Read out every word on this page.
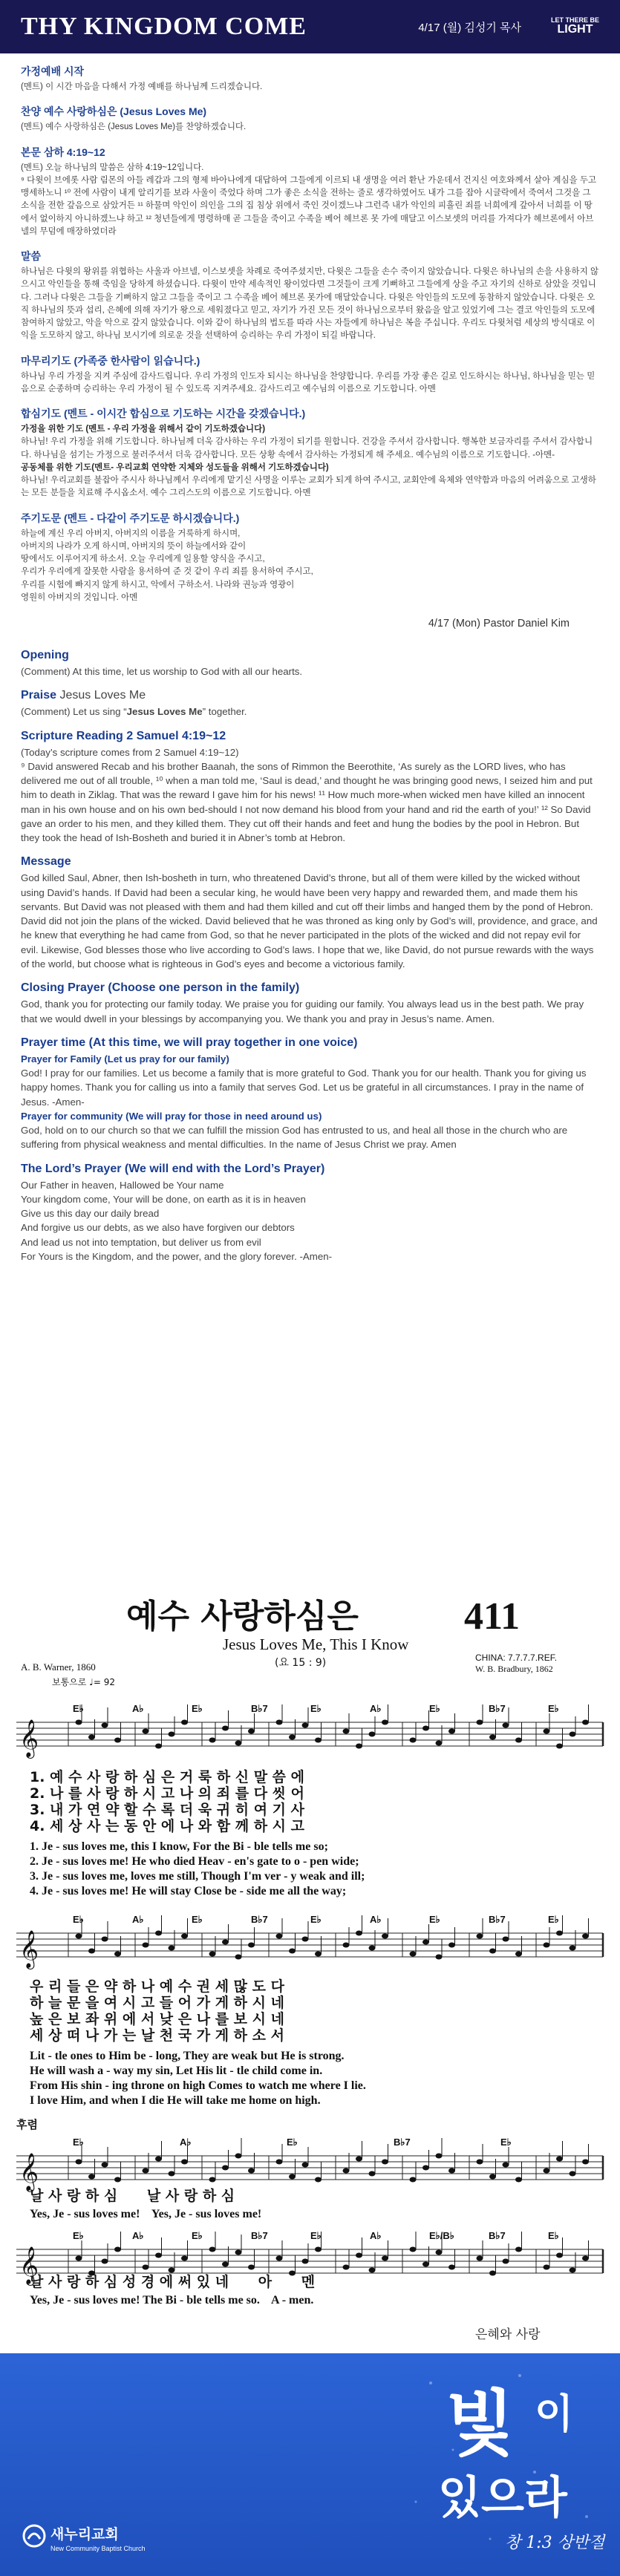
THY KINGDOM COME	4/17 (월) 김성기 목사
LET THERE BE
LIGHT

가정예배 시작

(멘트) 이 시간 마음을 다해서 가정 예배를 하나님께 드리겠습니다.

찬양 예수 사랑하심은 (Jesus Loves Me)

(멘트) 예수 사랑하심은 (Jesus Loves Me)를 찬양하겠습니다.

본문 삼하 4:19~12

(멘트) 오늘 하나님의 말씀은 삼하 4:19~12입니다.

⁹ 다윗이 브에롯 사람 림몬의 아들 레갑과 그의 형제 바아나에게 대답하여 그들에게 이르되 내 생명을 여러 환난 가운데서 건지신 여호와께서 살아 계심을 두고 맹세하노니 ¹⁰ 전에 사람이 내게 알리기를 보라 사울이 죽었다 하며 그가 좋은 소식을 전하는 줄로 생각하였어도 내가 그를 잡아 시글락에서 죽여서 그것을 그 소식을 전한 갚음으로 삼았거든 ¹¹ 하물며 악인이 의인을 그의 집 침상 위에서 죽인 것이겠느냐 그런즉 내가 악인의 피흘린 죄를 너희에게 갚아서 너희를 이 땅에서 없이하지 아니하겠느냐 하고 ¹² 청년들에게 명령하매 곧 그들을 죽이고 수족을 베어 헤브론 못 가에 매달고 이스보셋의 머리를 가져다가 헤브론에서 아브넬의 무덤에 매장하였더라

말씀

하나님은 다윗의 왕위를 위협하는 사울과 아브넬, 이스보셋을 차례로 죽여주셨지만, 다윗은 그들을 손수 죽이지 않았습니다. 다윗은 하나님의 손을 사용하지 않으시고 악인들을 통해 죽임을 당하게 하셨습니다. 다윗이 만약 세속적인 왕이었다면 그것들이 크게 기뻐하고 그들에게 상을 주고 자기의 신하로 삼았을 것입니다. 그러나 다윗은 그들을 기뻐하지 않고 그들을 죽이고 그 수족을 베어 헤브론 못가에 매달았습니다. 다윗은 악인들의 도모에 동참하지 않았습니다. 다윗은 오직 하나님의 뜻과 섭리, 은혜에 의해 자기가 왕으로 세워졌다고 믿고, 자기가 가진 모든 것이 하나님으로부터 왔음을 알고 있었기에 그는 결코 악인들의 도모에 참여하지 않았고, 악을 악으로 갚지 않았습니다. 이와 같이 하나님의 법도를 따라 사는 자들에게 하나님은 복을 주십니다. 우리도 다윗처럼 세상의 방식대로 이익을 도모하지 않고, 하나님 보시기에 의로운 것을 선택하여 승리하는 우리 가정이 되길 바랍니다.

마무리기도 (가족중 한사람이 읽습니다.)

하나님 우리 가정을 지켜 주심에 감사드립니다. 우리 가정의 인도자 되시는 하나님을 찬양합니다. 우리를 가장 좋은 길로 인도하시는 하나님, 하나님을 믿는 믿음으로 순종하며 승리하는 우리 가정이 될 수 있도록 지켜주세요. 감사드리고 예수님의 이름으로 기도합니다. 아멘

합심기도 (멘트 - 이시간 합심으로 기도하는 시간을 갖겠습니다.)

가정을 위한 기도 (멘트 - 우리 가정을 위해서 같이 기도하겠습니다)

하나님! 우리 가정을 위해 기도합니다. 하나님께 더욱 감사하는 우리 가정이 되기를 원합니다. 건강을 주셔서 감사합니다. 행복한 보금자리를 주셔서 감사합니다. 하나님을 섬기는 가정으로 불러주셔서 더욱 감사합니다. 모든 상황 속에서 감사하는 가정되게 해 주세요. 예수님의 이름으로 기도합니다. -아멘-

공동체를 위한 기도(멘트- 우리교회 연약한 지체와 성도들을 위해서 기도하겠습니다)

하나님! 우리교회를 불잡아 주시사 하나님께서 우리에게 맡기신 사명을 이루는 교회가 되게 하여 주시고, 교회안에 육체와 연약함과 마음의 어려움으로 고생하는 모든 분들을 치료해 주시옵소서. 예수 그리스도의 이름으로 기도합니다. 아멘

주기도문 (멘트 - 다같이 주기도문 하시겠습니다.)

하늘에 계신 우리 아버지, 아버지의 이름을 거룩하게 하시며,

아버지의 나라가 오게 하시며, 아버지의 뜻이 하늘에서와 같이

땅에서도 이루어지게 하소서. 오늘 우리에게 일용할 양식을 주시고,

우리가 우리에게 잘못한 사람을 용서하여 준 것 같이 우리 죄를 용서하여 주시고,

우리를 시험에 빠지지 않게 하시고, 악에서 구하소서. 나라와 권능과 영광이

영원히 아버지의 것입니다. 아멘

4/17 (Mon) Pastor Daniel Kim

Opening

(Comment) At this time, let us worship to God with all our hearts.

Praise Jesus Loves Me

(Comment) Let us sing “Jesus Loves Me” together.

Scripture Reading 2 Samuel 4:19~12

(Today’s scripture comes from 2 Samuel 4:19~12)

⁹ David answered Recab and his brother Baanah, the sons of Rimmon the Beerothite, ‘As surely as the LORD lives, who has delivered me out of all trouble, ¹⁰ when a man told me, ‘Saul is dead,’ and thought he was bringing good news, I seized him and put him to death in Ziklag. That was the reward I gave him for his news! ¹¹ How much more-when wicked men have killed an innocent man in his own house and on his own bed-should I not now demand his blood from your hand and rid the earth of you!’ ¹² So David gave an order to his men, and they killed them. They cut off their hands and feet and hung the bodies by the pool in Hebron. But they took the head of Ish-Bosheth and buried it in Abner’s tomb at Hebron.

Message

God killed Saul, Abner, then Ish-bosheth in turn, who threatened David’s throne, but all of them were killed by the wicked without using David’s hands. If David had been a secular king, he would have been very happy and rewarded them, and made them his servants. But David was not pleased with them and had them killed and cut off their limbs and hanged them by the pond of Hebron. David did not join the plans of the wicked. David believed that he was throned as king only by God’s will, providence, and grace, and he knew that everything he had came from God, so that he never participated in the plots of the wicked and did not repay evil for evil. Likewise, God blesses those who live according to God’s laws. I hope that we, like David, do not pursue rewards with the ways of the world, but choose what is righteous in God’s eyes and become a victorious family.

Closing Prayer (Choose one person in the family)

God, thank you for protecting our family today. We praise you for guiding our family. You always lead us in the best path. We pray that we would dwell in your blessings by accompanying you. We thank you and pray in Jesus’s name. Amen.

Prayer time (At this time, we will pray together in one voice)

Prayer for Family (Let us pray for our family)

God! I pray for our families. Let us become a family that is more grateful to God. Thank you for our health. Thank you for giving us happy homes. Thank you for calling us into a family that serves God. Let us be grateful in all circumstances. I pray in the name of Jesus. -Amen-

Prayer for community (We will pray for those in need around us)

God, hold on to our church so that we can fulfill the mission God has entrusted to us, and heal all those in the church who are suffering from physical weakness and mental difficulties. In the name of Jesus Christ we pray. Amen

The Lord’s Prayer (We will end with the Lord’s Prayer)

Our Father in heaven, Hallowed be Your name

Your kingdom come, Your will be done, on earth as it is in heaven

Give us this day our daily bread

And forgive us our debts, as we also have forgiven our debtors

And lead us not into temptation, but deliver us from evil

For Yours is the Kingdom, and the power, and the glory forever. -Amen-

예수 사랑하심은	411
Jesus Loves Me, This I Know
(요 15 : 9)
A. B. Warner, 1860
보통으로 ♩= 92
CHINA: 7.7.7.7.REF.
W. B. Bradbury, 1862
𝄞
E♭	A♭	E♭	B♭7	E♭	A♭	E♭	B♭7	E♭
𝄞
E♭	A♭	E♭	B♭7	E♭	A♭	E♭	B♭7	E♭
𝄞
E♭	A♭	E♭	B♭7	E♭
𝄞
E♭	A♭	E♭	B♭7	E♭	A♭	E♭/B♭	B♭7	E♭
1. 예 수 사 랑 하 심 은 거 룩 하 신 말 씀 에
2. 나 를 사 랑 하 시 고 나 의 죄 를 다 씻 어
3. 내 가 연 약 할 수 록 더 욱 귀 히 여 기 사
4. 세 상 사 는 동 안 에 나 와 함 께 하 시 고
1. Je - sus loves me, this I know, For the Bi - ble tells me so;
2. Je - sus loves me! He who died Heav - en's gate to o - pen wide;
3. Je - sus loves me, loves me still, Though I'm ver - y weak and ill;
4. Je - sus loves me! He will stay Close be - side me all the way;
우 리 들 은 약 하 나 예 수 권 세 많 도 다
하 늘 문 을 여 시 고 들 어 가 게 하 시 네
높 은 보 좌 위 에 서 낮 은 나 를 보 시 네
세 상 떠 나 가 는 날 천 국 가 게 하 소 서
Lit - tle ones to Him be - long, They are weak but He is strong.
He will wash a - way my sin, Let His lit - tle child come in.
From His shin - ing throne on high Comes to watch me where I lie.
I love Him, and when I die He will take me home on high.
후렴
날 사 랑 하 심      날 사 랑 하 심
Yes, Je - sus loves me!    Yes, Je - sus loves me!
날 사 랑 하 심 성 경 에 써 있 네      아      멘
Yes, Je - sus loves me! The Bi - ble tells me so.    A - men.
은혜와 사랑
새누리교회
New Community Baptist Church
빛 이
있으라
창 1:3 상반절
